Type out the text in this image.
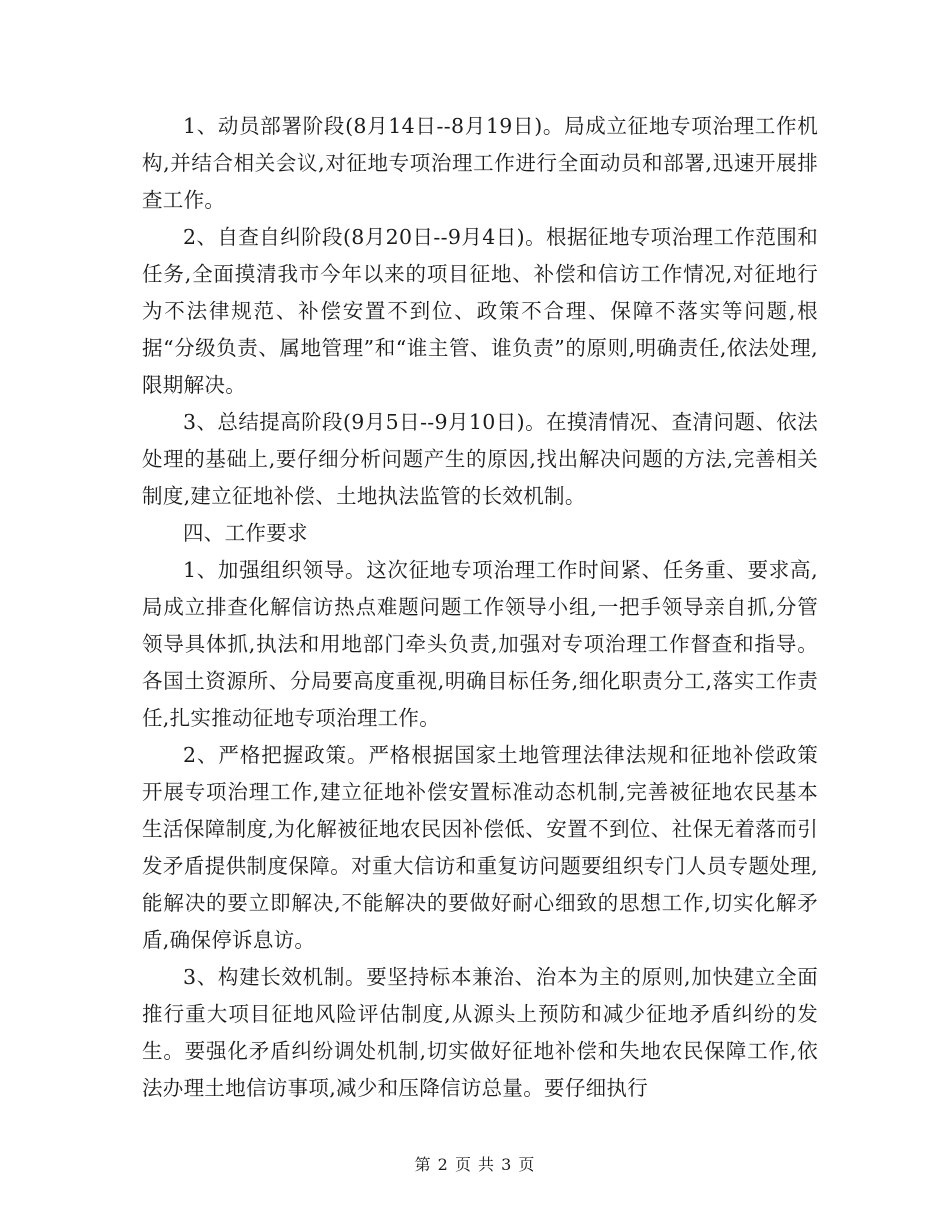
1、动员部署阶段(8月14日--8月19日)。局成立征地专项治理工作机构,并结合相关会议,对征地专项治理工作进行全面动员和部署,迅速开展排查工作。

2、自查自纠阶段(8月20日--9月4日)。根据征地专项治理工作范围和任务,全面摸清我市今年以来的项目征地、补偿和信访工作情况,对征地行为不法律规范、补偿安置不到位、政策不合理、保障不落实等问题,根据“分级负责、属地管理”和“谁主管、谁负责”的原则,明确责任,依法处理,限期解决。

3、总结提高阶段(9月5日--9月10日)。在摸清情况、查清问题、依法处理的基础上,要仔细分析问题产生的原因,找出解决问题的方法,完善相关制度,建立征地补偿、土地执法监管的长效机制。

四、工作要求

1、加强组织领导。这次征地专项治理工作时间紧、任务重、要求高,局成立排查化解信访热点难题问题工作领导小组,一把手领导亲自抓,分管领导具体抓,执法和用地部门牵头负责,加强对专项治理工作督查和指导。各国土资源所、分局要高度重视,明确目标任务,细化职责分工,落实工作责任,扎实推动征地专项治理工作。

2、严格把握政策。严格根据国家土地管理法律法规和征地补偿政策开展专项治理工作,建立征地补偿安置标准动态机制,完善被征地农民基本生活保障制度,为化解被征地农民因补偿低、安置不到位、社保无着落而引发矛盾提供制度保障。对重大信访和重复访问题要组织专门人员专题处理,能解决的要立即解决,不能解决的要做好耐心细致的思想工作,切实化解矛盾,确保停诉息访。

3、构建长效机制。要坚持标本兼治、治本为主的原则,加快建立全面推行重大项目征地风险评估制度,从源头上预防和减少征地矛盾纠纷的发生。要强化矛盾纠纷调处机制,切实做好征地补偿和失地农民保障工作,依法办理土地信访事项,减少和压降信访总量。要仔细执行

第 2 页 共 3 页
